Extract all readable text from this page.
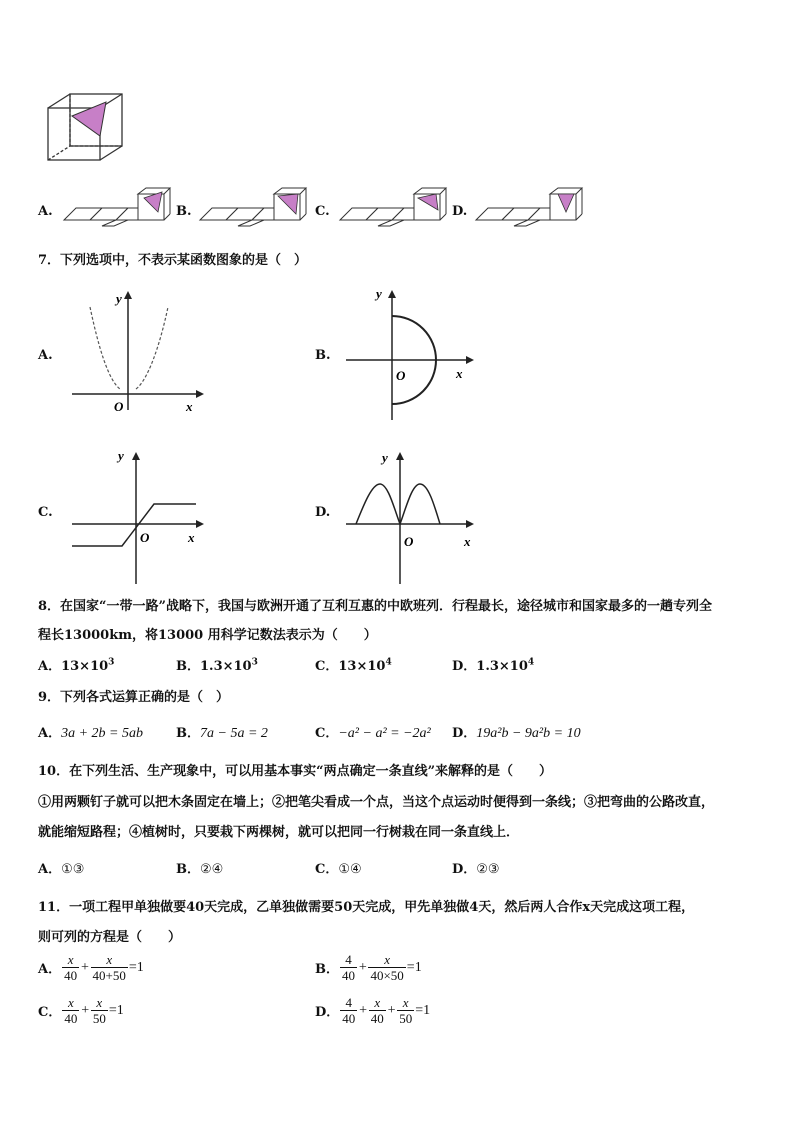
A.	B.	C.	D.
7．下列选项中，不表示某函数图象的是（　）
A.
O	x
y
B.
O	x
y
C.
O	x
y
D.
O	x
y
8．在国家“一带一路”战略下，我国与欧洲开通了互利互惠的中欧班列．行程最长，途径城市和国家最多的一趟专列全
程长13000km，将13000 用科学记数法表示为（　　）
A．$13\times 10^3$	B．$1.3\times 10^3$	C．$13\times 10^4$	D．$1.3\times 10^4$
9．下列各式运算正确的是（　）
A．3a + 2b = 5ab	B．7a − 5a = 2	C．−a² − a² = −2a² D．19a²b − 9a²b = 10
10．在下列生活、生产现象中，可以用基本事实“两点确定一条直线”来解释的是（　　）
①用两颗钉子就可以把木条固定在墙上；②把笔尖看成一个点，当这个点运动时便得到一条线；③把弯曲的公路改直，
就能缩短路程；④植树时，只要栽下两棵树，就可以把同一行树栽在同一条直线上．
A．①③	B．②④	C．①④	D．②③
11．一项工程甲单独做要40天完成，乙单独做需要50天完成，甲先单独做4天，然后两人合作x天完成这项工程，
则可列的方程是（　　）
A． $\frac{x}{40} + \frac{x}{40+50} = 1$	B． $\frac{4}{40} + \frac{x}{40\times 50} = 1$
C． $\frac{x}{40} + \frac{x}{50} = 1$	D． $\frac{4}{40} + \frac{x}{40} + \frac{x}{50} = 1$
